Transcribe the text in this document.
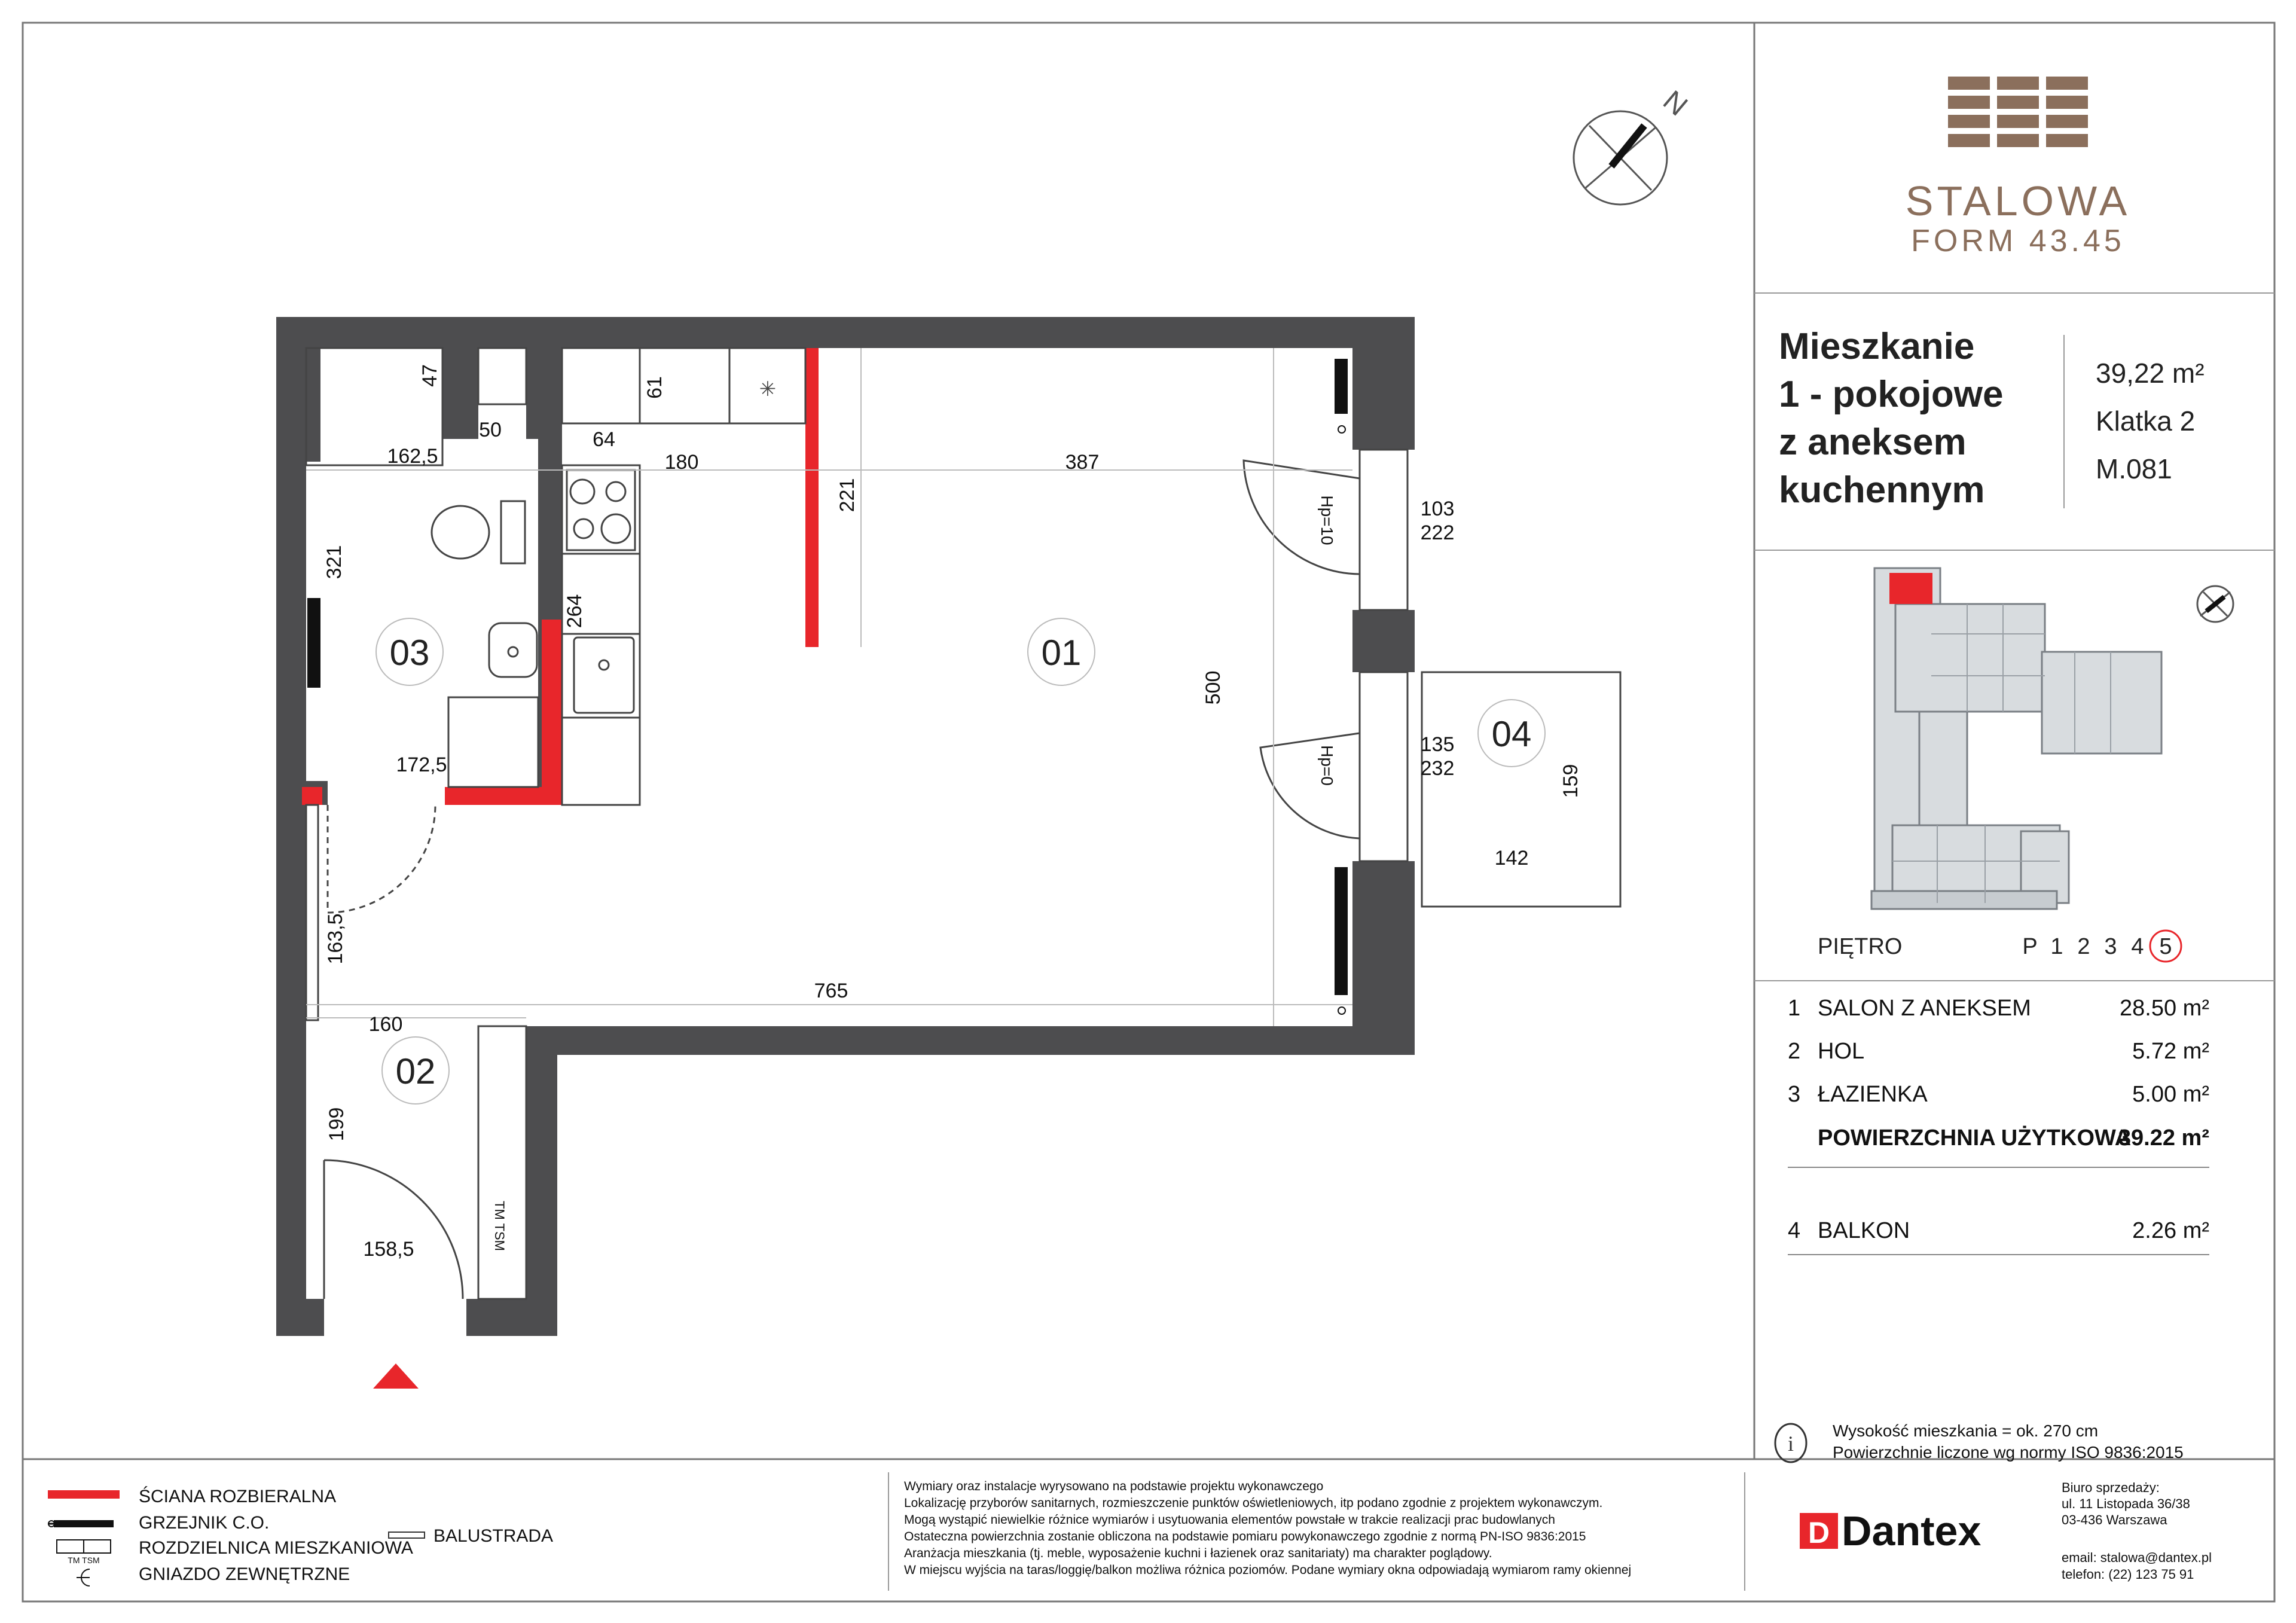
STALOWA
FORM 43.45
Mieszkanie
1 - pokojowe
z aneksem
kuchennym
39,22 m²
Klatka 2
M.081
PIĘTRO	P 1 2 3 4 5
1 SALON Z ANEKSEM	28.50 m²
2 HOL	5.72 m²
3 ŁAZIENKA	5.00 m²
POWIERZCHNIA UŻYTKOWA
39.22 m²
4 BALKON	2.26 m²
i
Wysokość mieszkania = ok. 270 cm
Powierzchnie liczone wg normy ISO 9836:2015
ŚCIANA ROZBIERALNA
GRZEJNIK C.O.
TM TSM
ROZDZIELNICA MIESZKANIOWA
GNIAZDO ZEWNĘTRZNE
BALUSTRADA
Wymiary oraz instalacje wyrysowano na podstawie projektu wykonawczego
Lokalizację przyborów sanitarnych, rozmieszczenie punktów oświetleniowych, itp podano zgodnie z projektem wykonawczym.
Mogą wystąpić niewielkie różnice wymiarów i usytuowania elementów powstałe w trakcie realizacji prac budowlanych
Ostateczna powierzchnia zostanie obliczona na podstawie pomiaru powykonawczego zgodnie z normą PN-ISO 9836:2015
Aranżacja mieszkania (tj. meble, wyposażenie kuchni i łazienek oraz sanitariaty) ma charakter poglądowy.
W miejscu wyjścia na taras/loggię/balkon możliwa różnica poziomów. Podane wymiary okna odpowiadają wymiarom ramy okiennej
D Dantex
Biuro sprzedaży:
ul. 11 Listopada 36/38
03-436 Warszawa
email: stalowa@dantex.pl
telefon: (22) 123 75 91
N
✳
01
02
03
04
47
50
61
64
162,5	180	387
221
321
264
172,5
500
103
222
135
232	159
142
163,5
765
160
199
158,5
Hp=10
Hp=0
TM TSM
